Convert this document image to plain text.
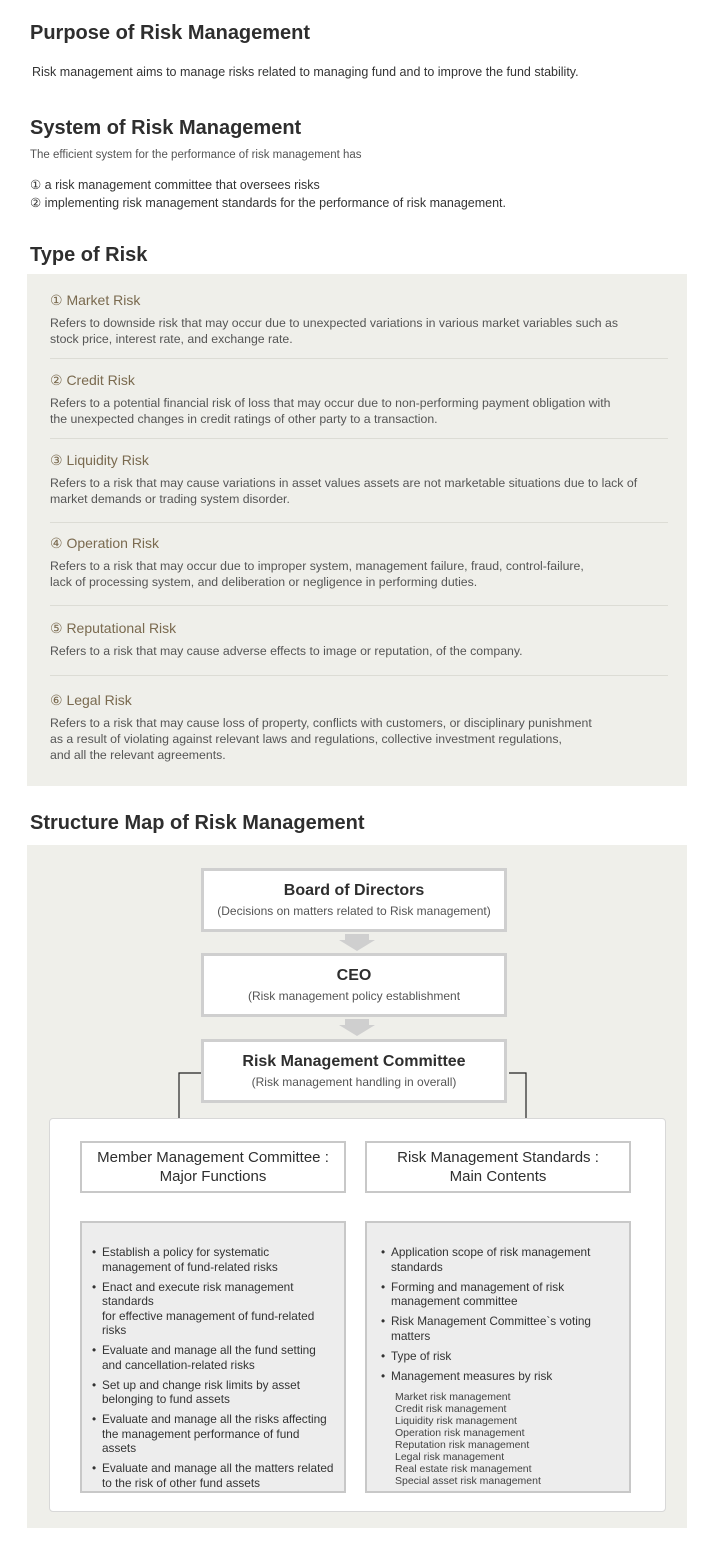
Purpose of Risk Management
Risk management aims to manage risks related to managing fund and to improve the fund stability.
System of Risk Management
The efficient system for the performance of risk management has
① a risk management committee that oversees risks
② implementing risk management standards for the performance of risk management.
Type of Risk
① Market Risk
Refers to downside risk that may occur due to unexpected variations in various market variables such as
stock price, interest rate, and exchange rate.
② Credit Risk
Refers to a potential financial risk of loss that may occur due to non-performing payment obligation with
the unexpected changes in credit ratings of other party to a transaction.
③ Liquidity Risk
Refers to a risk that may cause variations in asset values assets are not marketable situations due to lack of
market demands or trading system disorder.
④ Operation Risk
Refers to a risk that may occur due to improper system, management failure, fraud, control-failure,
lack of processing system, and deliberation or negligence in performing duties.
⑤ Reputational Risk
Refers to a risk that may cause adverse effects to image or reputation, of the company.
⑥ Legal Risk
Refers to a risk that may cause loss of property, conflicts with customers, or disciplinary punishment
as a result of violating against relevant laws and regulations, collective investment regulations,
and all the relevant agreements.
Structure Map of Risk Management
Board of Directors
(Decisions on matters related to Risk management)
CEO
(Risk management policy establishment
Risk Management Committee
(Risk management handling in overall)
Member Management Committee :
Major Functions
Risk Management Standards :
Main Contents
• Establish a policy for systematic
management of fund-related risks
• Enact and execute risk management standards
for effective management of fund-related risks
• Evaluate and manage all the fund setting
and cancellation-related risks
• Set up and change risk limits by asset
belonging to fund assets
• Evaluate and manage all the risks affecting
the management performance of fund assets
• Evaluate and manage all the matters related
to the risk of other fund assets
• Application scope of risk management
standards
• Forming and management of risk
management committee
• Risk Management Committee`s voting matters
• Type of risk
• Management measures by risk
Market risk management
Credit risk management
Liquidity risk management
Operation risk management
Reputation risk management
Legal risk management
Real estate risk management
Special asset risk management
